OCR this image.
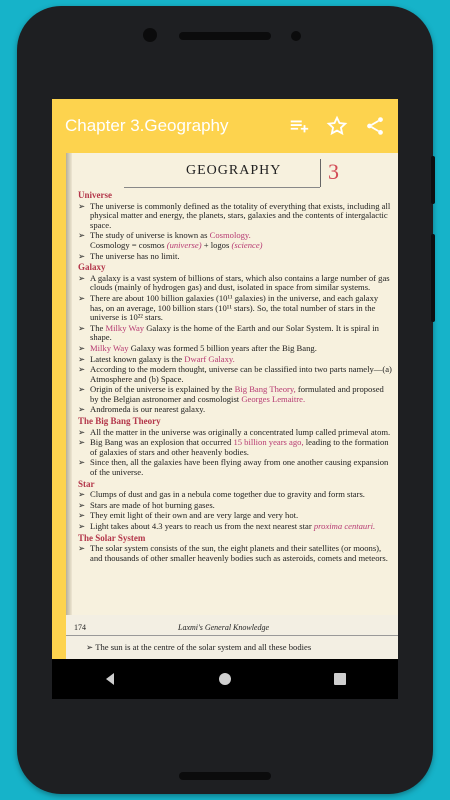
Chapter 3.Geography
GEOGRAPHY 3
Universe
➢ The universe is commonly defined as the totality of everything that exists, including all physical matter and energy, the planets, stars, galaxies and the contents of intergalactic space.
➢ The study of universe is known as Cosmology.
Cosmology = cosmos (universe) + logos (science)
➢ The universe has no limit.
Galaxy
➢ A galaxy is a vast system of billions of stars, which also contains a large number of gas clouds (mainly of hydrogen gas) and dust, isolated in space from similar systems.
➢ There are about 100 billion galaxies (10¹¹ galaxies) in the universe, and each galaxy has, on an average, 100 billion stars (10¹¹ stars). So, the total number of stars in the universe is 10²² stars.
➢ The Milky Way Galaxy is the home of the Earth and our Solar System. It is spiral in shape.
➢ Milky Way Galaxy was formed 5 billion years after the Big Bang.
➢ Latest known galaxy is the Dwarf Galaxy.
➢ According to the modern thought, universe can be classified into two parts namely—(a) Atmosphere and (b) Space.
➢ Origin of the universe is explained by the Big Bang Theory, formulated and proposed by the Belgian astronomer and cosmologist Georges Lemaitre.
➢ Andromeda is our nearest galaxy.
The Big Bang Theory
➢ All the matter in the universe was originally a concentrated lump called primeval atom.
➢ Big Bang was an explosion that occurred 15 billion years ago, leading to the formation of galaxies of stars and other heavenly bodies.
➢ Since then, all the galaxies have been flying away from one another causing expansion of the universe.
Star
➢ Clumps of dust and gas in a nebula come together due to gravity and form stars.
➢ Stars are made of hot burning gases.
➢ They emit light of their own and are very large and very hot.
➢ Light takes about 4.3 years to reach us from the next nearest star proxima centauri.
The Solar System
➢ The solar system consists of the sun, the eight planets and their satellites (or moons), and thousands of other smaller heavenly bodies such as asteroids, comets and meteors.
174	Laxmi's General Knowledge
➢ The sun is at the centre of the solar system and all these bodies
